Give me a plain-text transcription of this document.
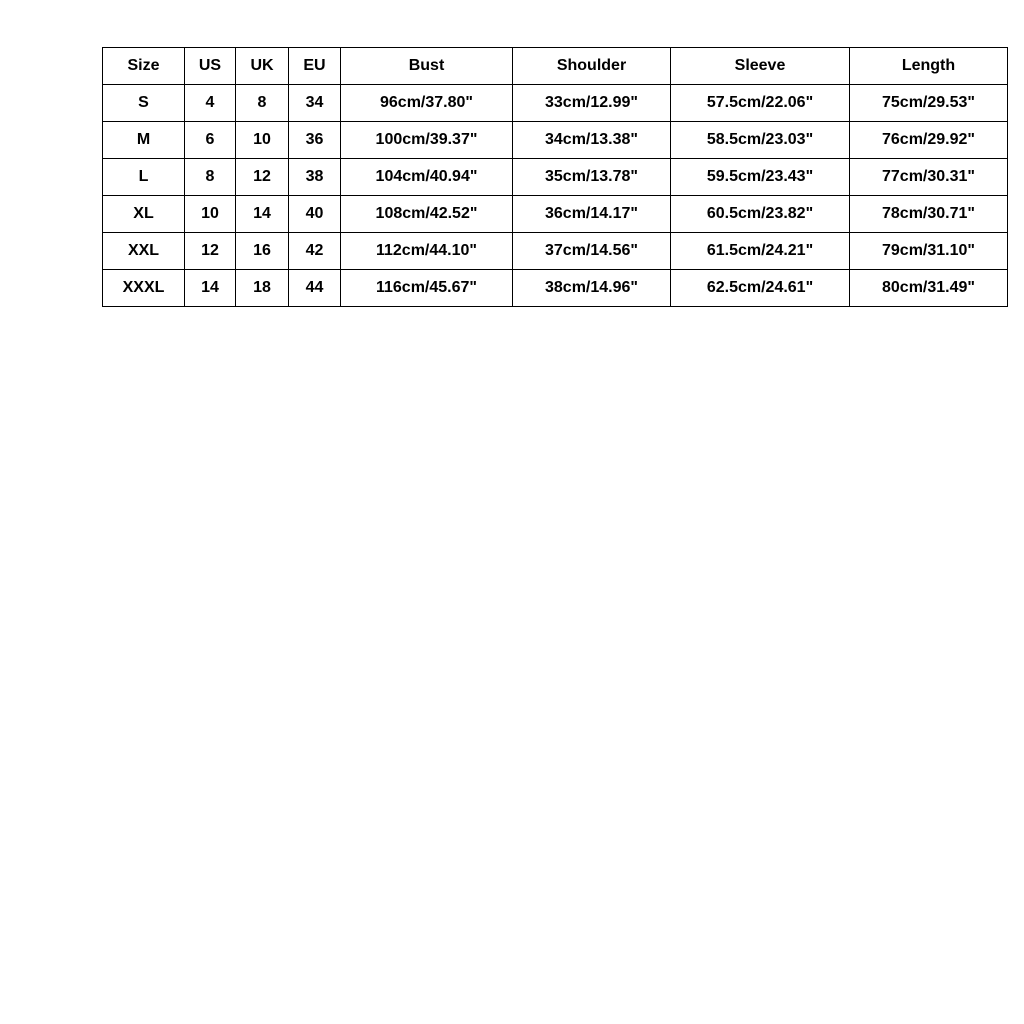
Size	US	UK	EU	Bust	Shoulder	Sleeve	Length
S	4	8	34	96cm/37.80"	33cm/12.99"	57.5cm/22.06"	75cm/29.53"
M	6	10	36	100cm/39.37"	34cm/13.38"	58.5cm/23.03"	76cm/29.92"
L	8	12	38	104cm/40.94"	35cm/13.78"	59.5cm/23.43"	77cm/30.31"
XL	10	14	40	108cm/42.52"	36cm/14.17"	60.5cm/23.82"	78cm/30.71"
XXL	12	16	42	112cm/44.10"	37cm/14.56"	61.5cm/24.21"	79cm/31.10"
XXXL	14	18	44	116cm/45.67"	38cm/14.96"	62.5cm/24.61"	80cm/31.49"
